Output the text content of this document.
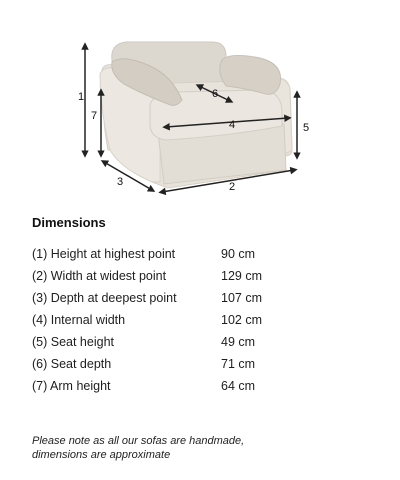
1
7
3	2
4
6
5
Dimensions
(1) Height at highest point	90 cm
(2) Width at widest point	129 cm
(3) Depth at deepest point	107 cm
(4) Internal width	102 cm
(5) Seat height	49 cm
(6) Seat depth	71 cm
(7) Arm height	64 cm
Please note as all our sofas are handmade,
dimensions are approximate
